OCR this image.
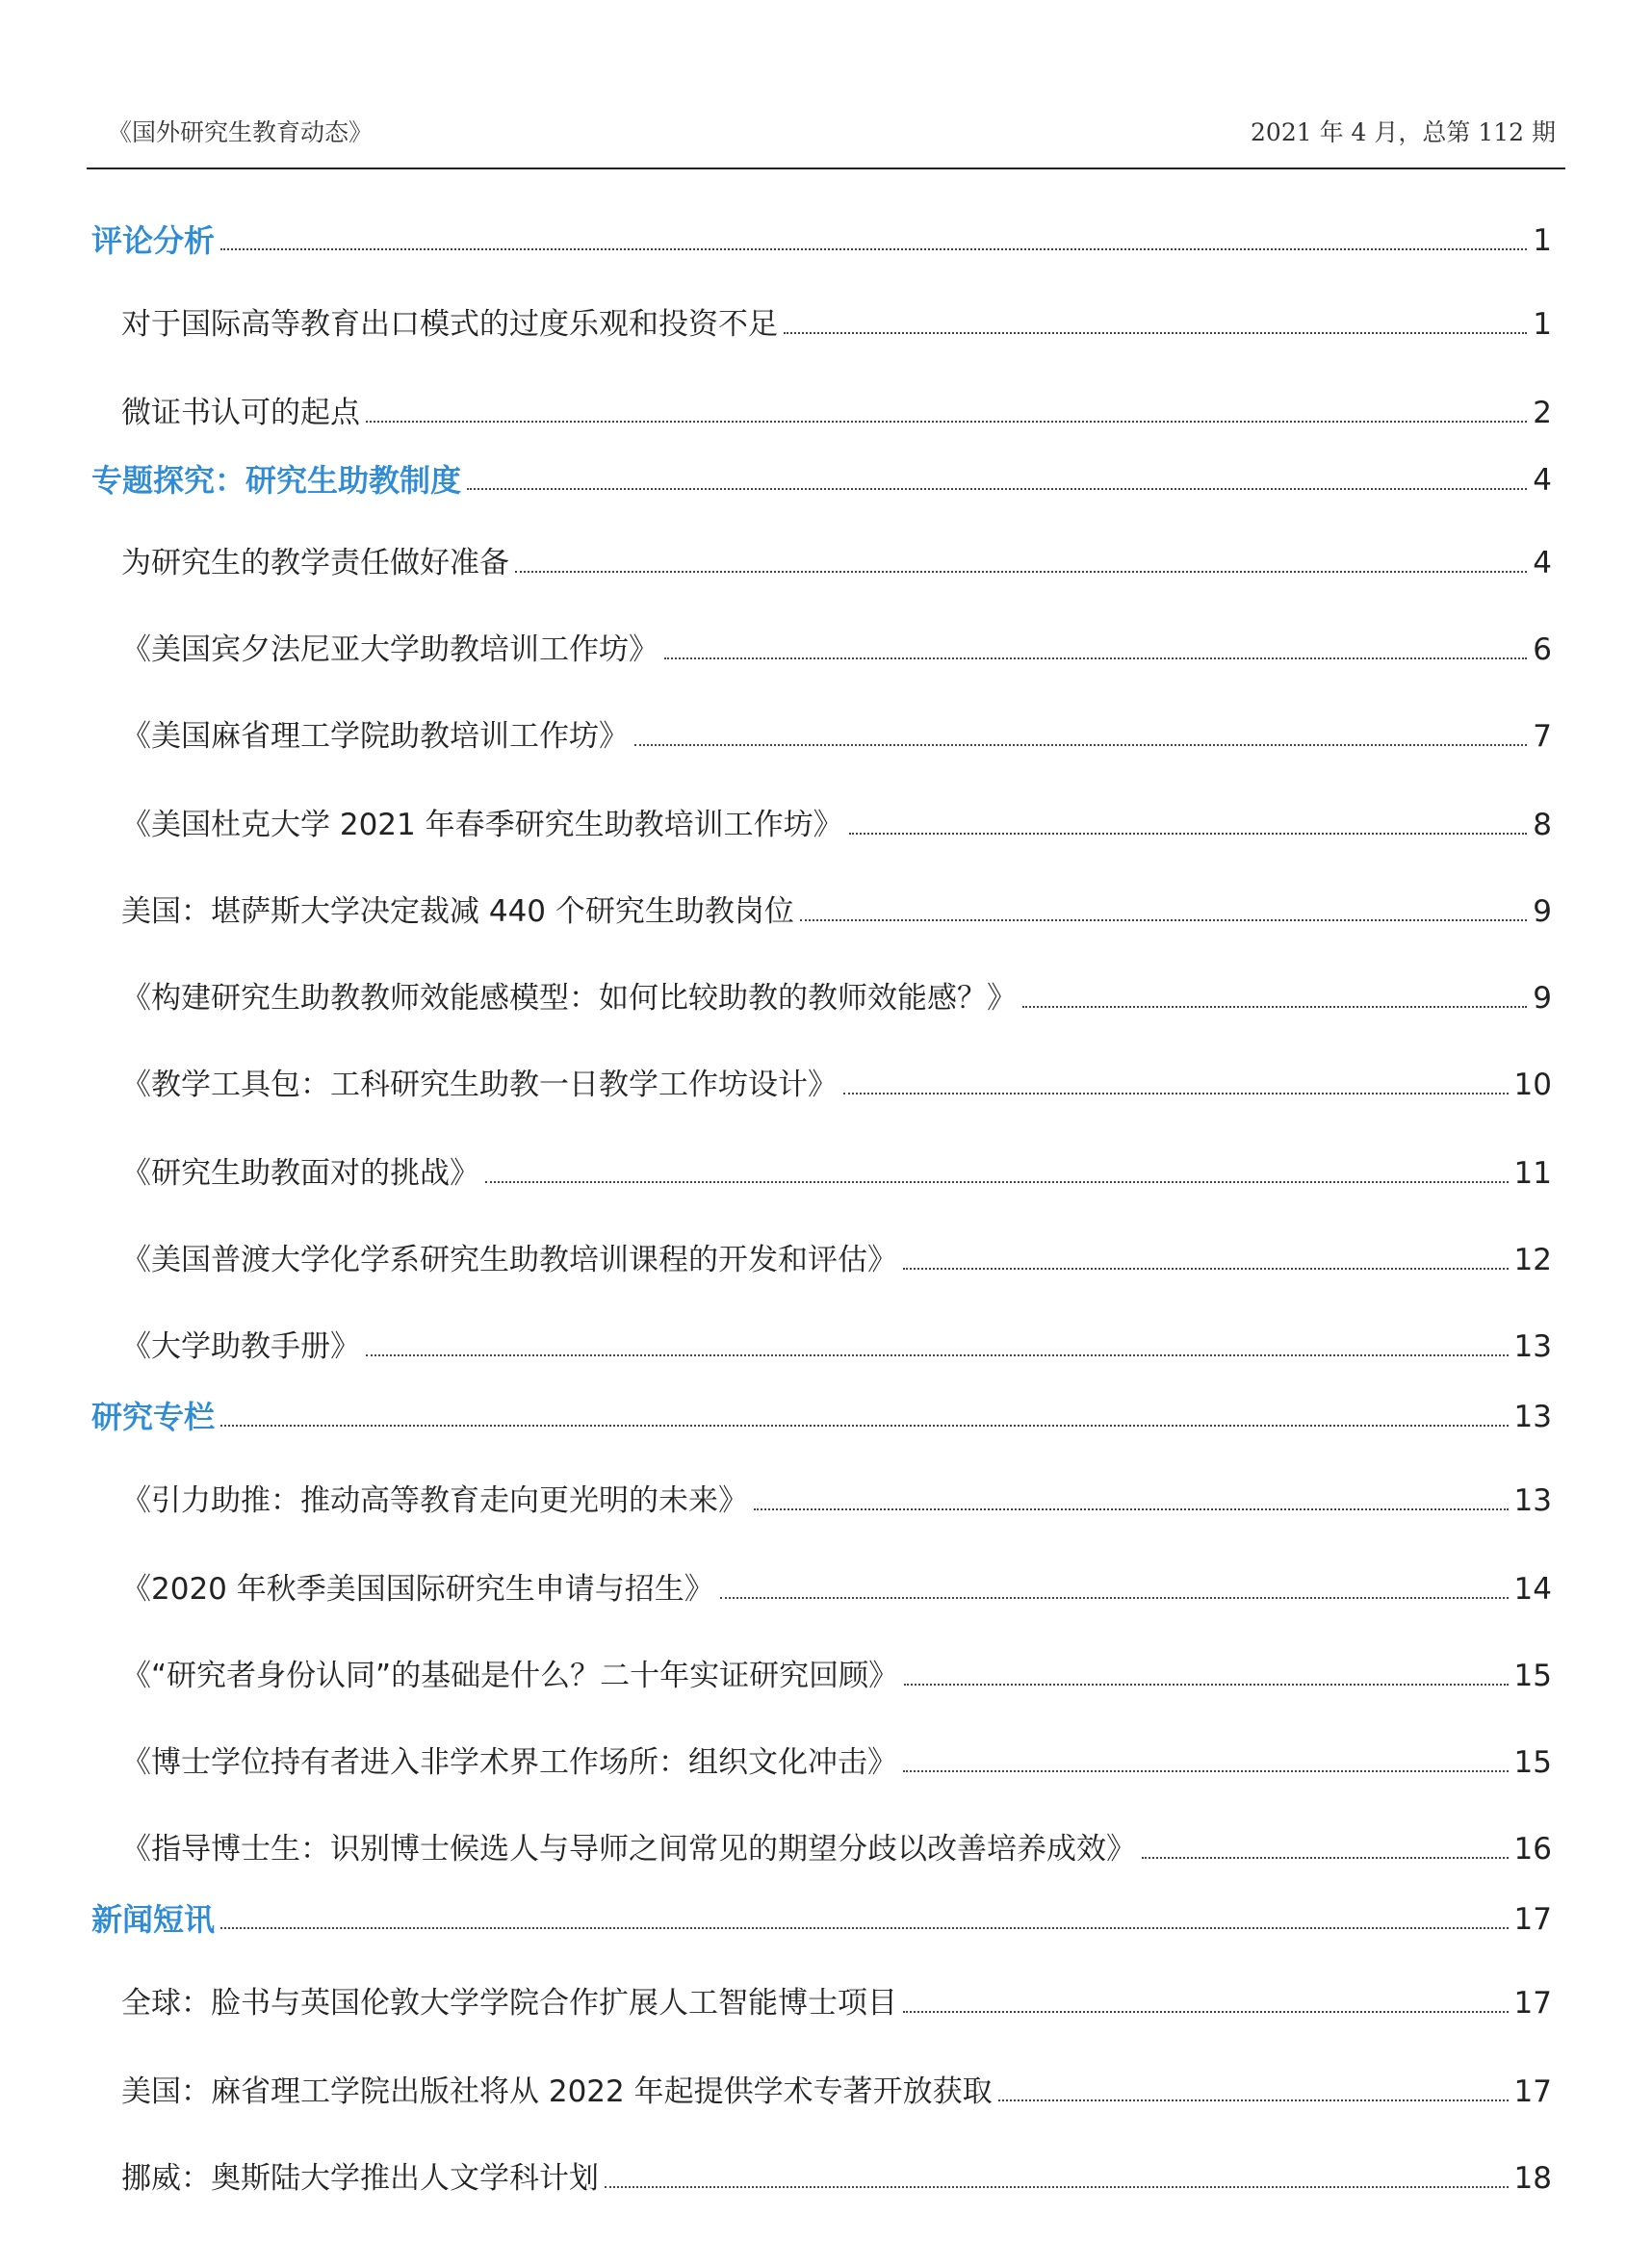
《国外研究生教育动态》	2021 年 4 月，总第 112 期
评论分析	1
对于国际高等教育出口模式的过度乐观和投资不足	1
微证书认可的起点	2
专题探究：研究生助教制度	4
为研究生的教学责任做好准备	4
《美国宾夕法尼亚大学助教培训工作坊》	6
《美国麻省理工学院助教培训工作坊》	7
《美国杜克大学 2021 年春季研究生助教培训工作坊》	8
美国：堪萨斯大学决定裁减 440 个研究生助教岗位	9
《构建研究生助教教师效能感模型：如何比较助教的教师效能感？》	9
《教学工具包：工科研究生助教一日教学工作坊设计》	10
《研究生助教面对的挑战》	11
《美国普渡大学化学系研究生助教培训课程的开发和评估》	12
《大学助教手册》	13
研究专栏	13
《引力助推：推动高等教育走向更光明的未来》	13
《2020 年秋季美国国际研究生申请与招生》	14
《“研究者身份认同”的基础是什么？二十年实证研究回顾》	15
《博士学位持有者进入非学术界工作场所：组织文化冲击》	15
《指导博士生：识别博士候选人与导师之间常见的期望分歧以改善培养成效》	16
新闻短讯	17
全球：脸书与英国伦敦大学学院合作扩展人工智能博士项目	17
美国：麻省理工学院出版社将从 2022 年起提供学术专著开放获取	17
挪威：奥斯陆大学推出人文学科计划	18
